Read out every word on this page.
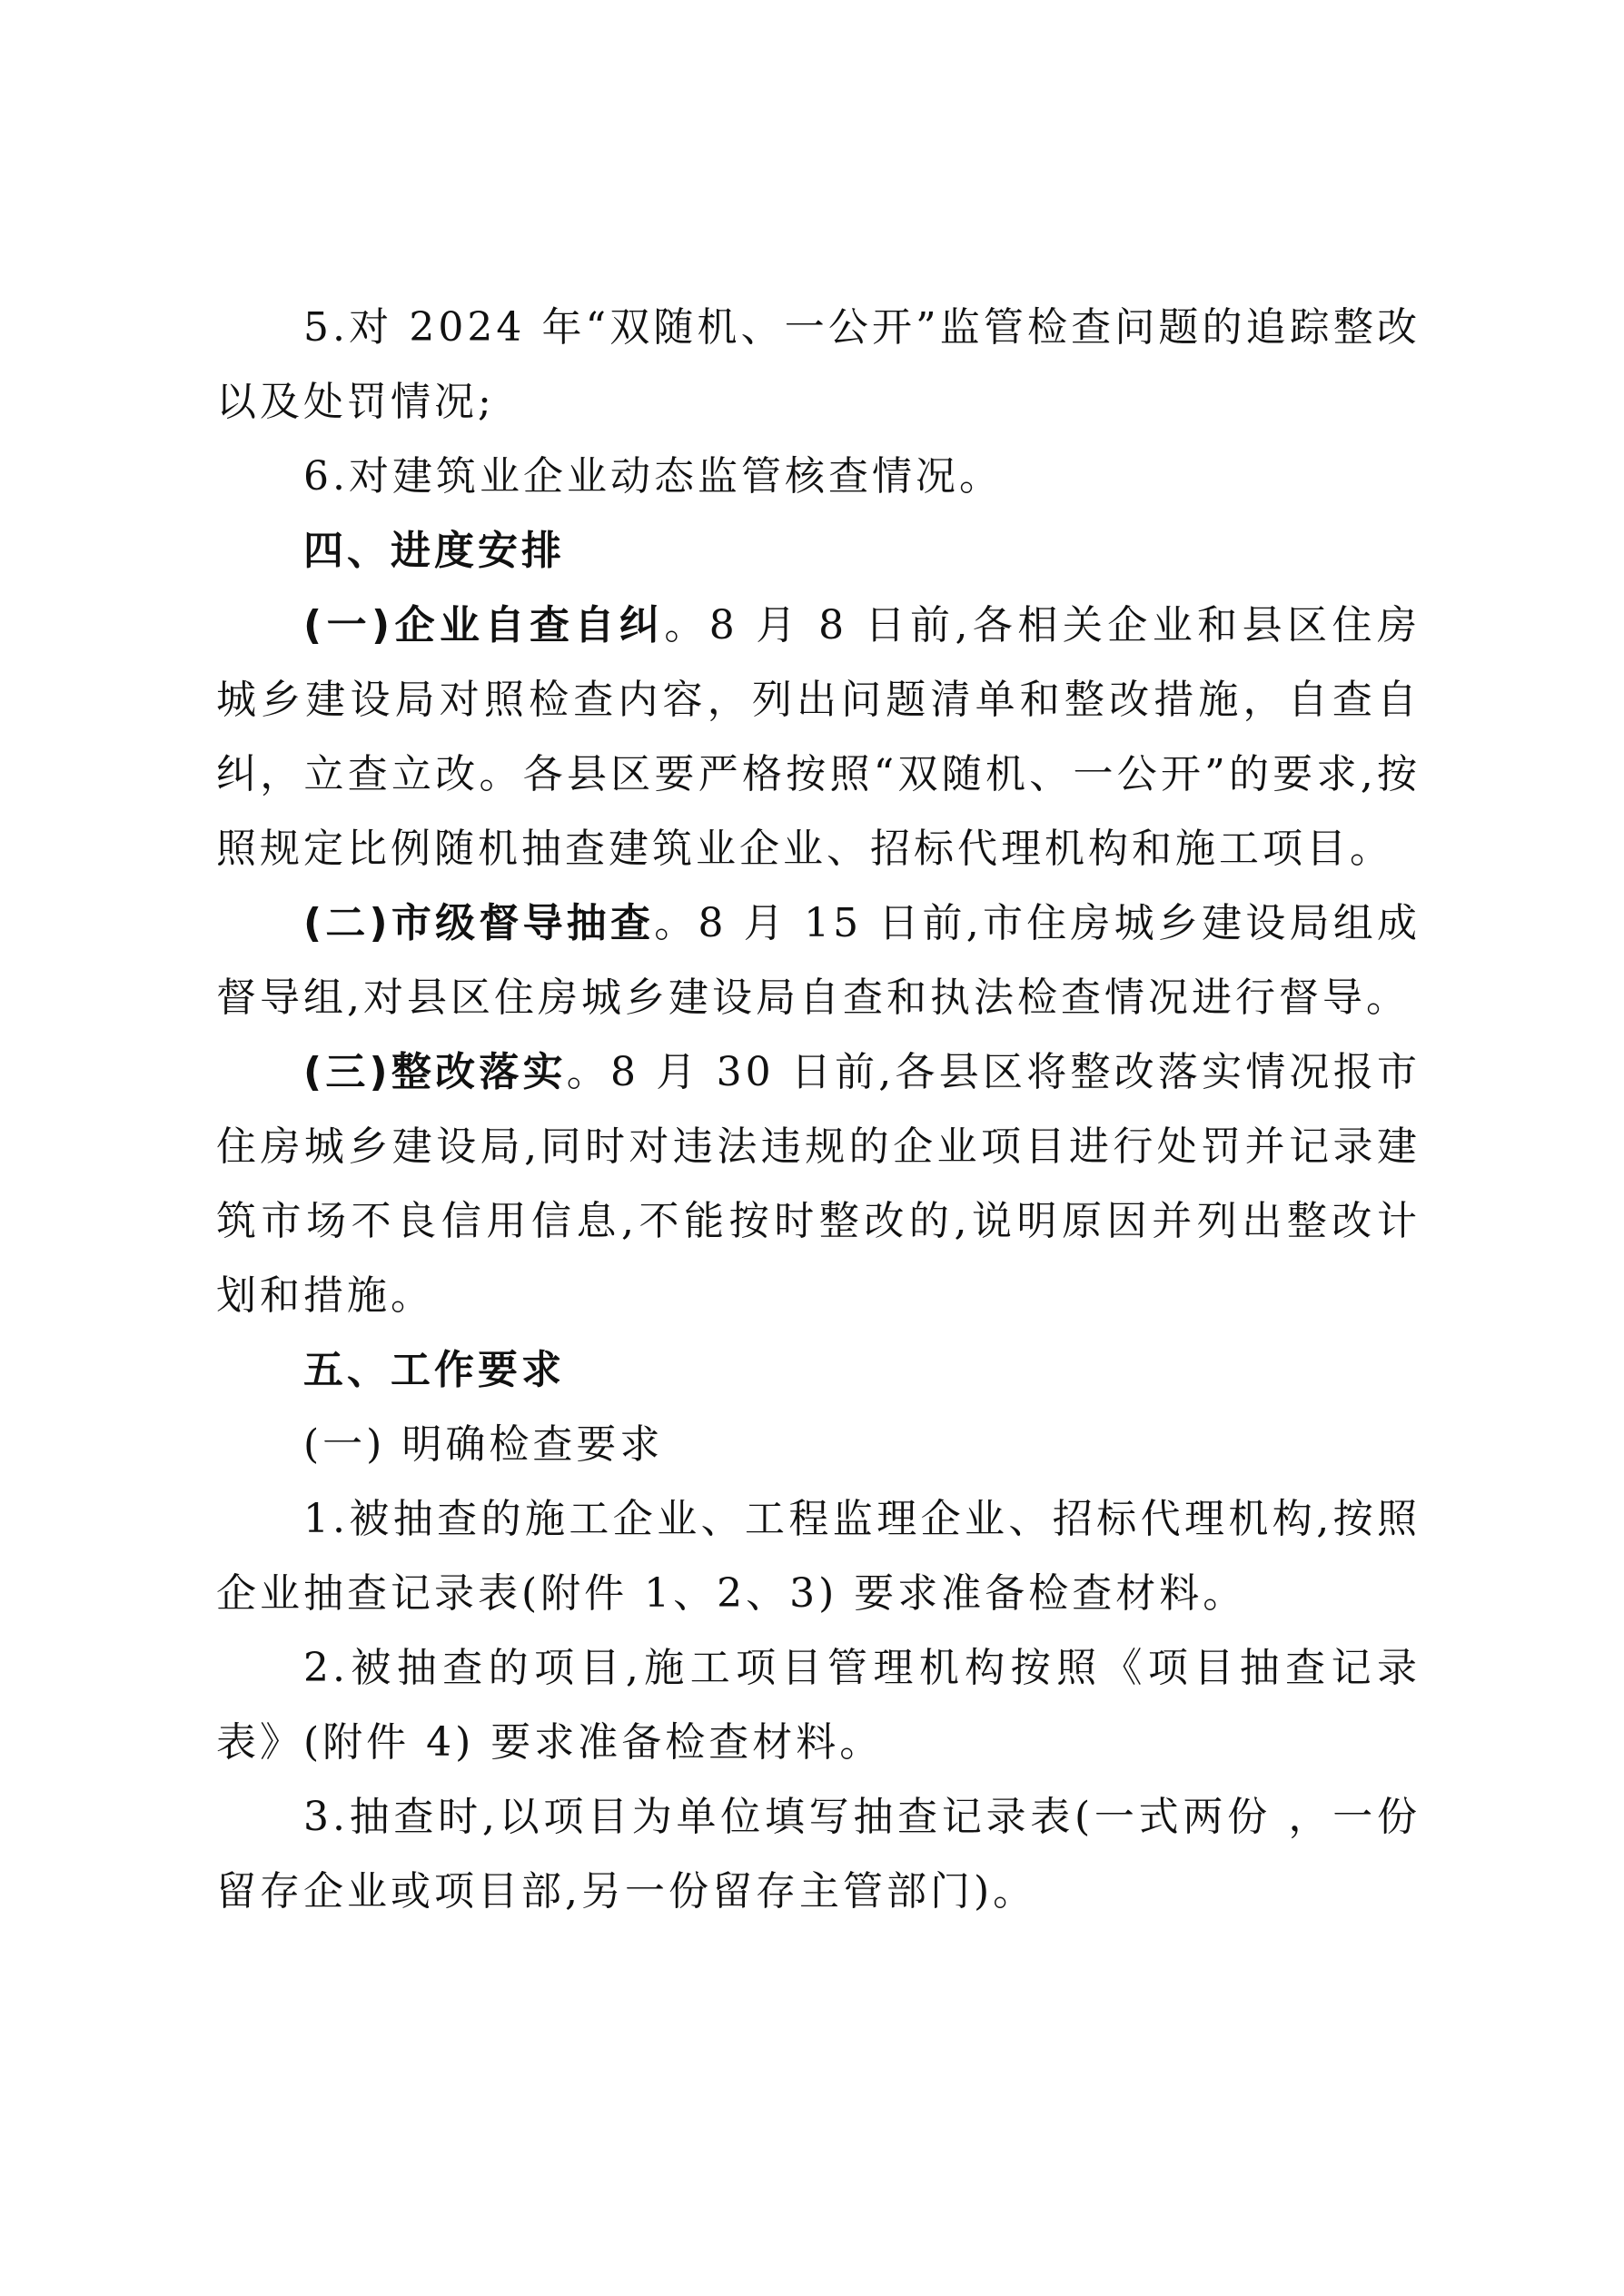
5.对 2024 年“双随机、一公开”监管检查问题的追踪整改以及处罚情况;

6.对建筑业企业动态监管核查情况。

四、进度安排

(一)企业自查自纠。8 月 8 日前,各相关企业和县区住房城乡建设局对照检查内容，列出问题清单和整改措施，自查自纠，立查立改。各县区要严格按照“双随机、一公开”的要求,按照规定比例随机抽查建筑业企业、招标代理机构和施工项目。

(二)市级督导抽查。8 月 15 日前,市住房城乡建设局组成督导组,对县区住房城乡建设局自查和执法检查情况进行督导。

(三)整改落实。8 月 30 日前,各县区将整改落实情况报市住房城乡建设局,同时对违法违规的企业项目进行处罚并记录建筑市场不良信用信息,不能按时整改的,说明原因并列出整改计划和措施。

五、工作要求

(一) 明确检查要求

1.被抽查的施工企业、工程监理企业、招标代理机构,按照企业抽查记录表(附件 1、2、3) 要求准备检查材料。

2.被抽查的项目,施工项目管理机构按照《项目抽查记录表》(附件 4) 要求准备检查材料。

3.抽查时,以项目为单位填写抽查记录表(一式两份 ，一份留存企业或项目部,另一份留存主管部门)。
